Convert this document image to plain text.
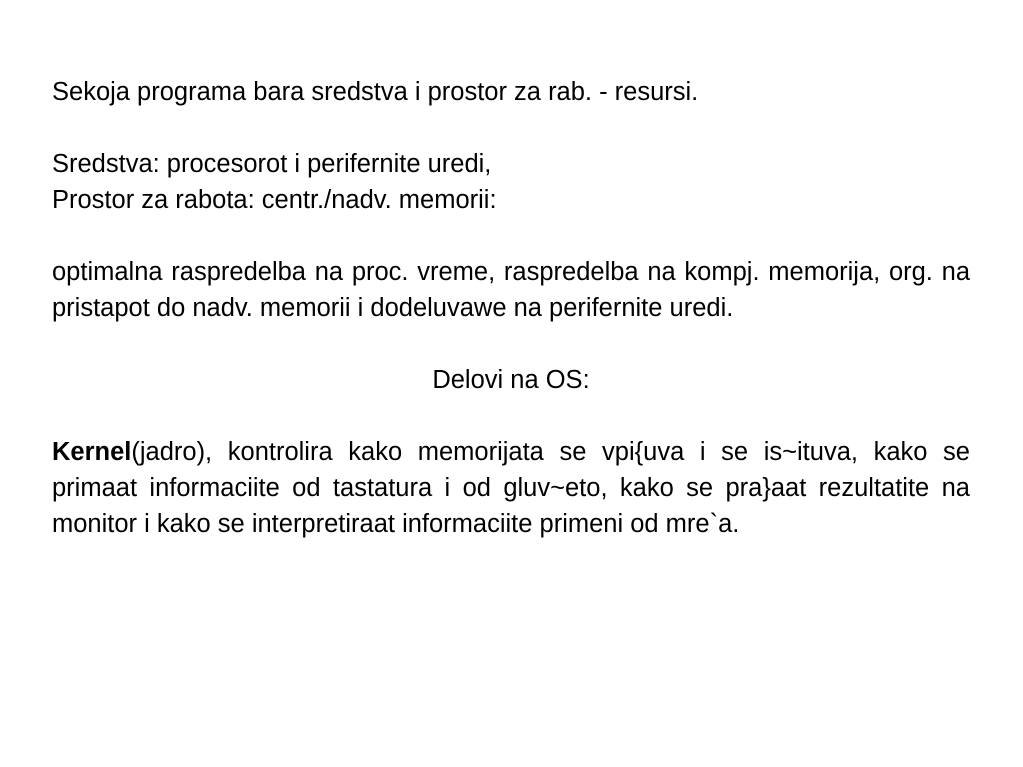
Sekoja programa bara sredstva i prostor za rab. - resursi.

Sredstva: procesorot i perifernite uredi,

Prostor za rabota: centr./nadv. memorii:

optimalna raspredelba na proc. vreme, raspredelba na kompj. memorija, org. na pristapot do nadv. memorii i dodeluvawe na perifernite uredi.

Delovi na OS:

Kernel(jadro), kontrolira kako memorijata se vpi{uva i se is~ituva, kako se primaat informaciite od tastatura i od gluv~eto, kako se pra}aat rezultatite na monitor i kako se interpretiraat informaciite primeni od mre`a.
